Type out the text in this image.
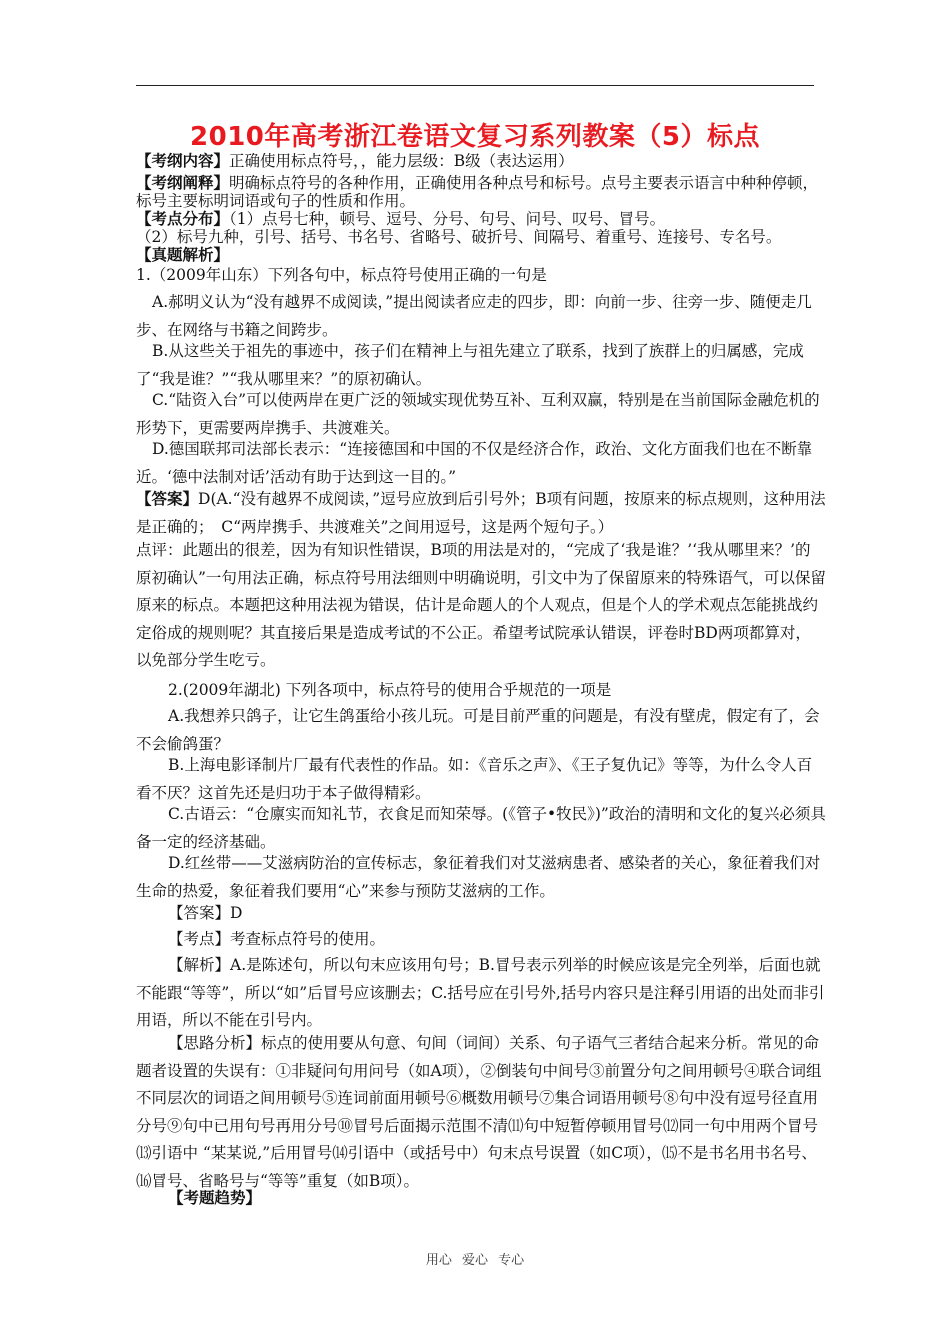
2010年高考浙江卷语文复习系列教案（5）标点

【考纲内容】正确使用标点符号，，能力层级：B级（表达运用）

【考纲阐释】明确标点符号的各种作用，正确使用各种点号和标号。点号主要表示语言中种种停顿，标号主要标明词语或句子的性质和作用。

【考点分布】（1）点号七种，顿号、逗号、分号、句号、问号、叹号、冒号。

（2）标号九种，引号、括号、书名号、省略号、破折号、间隔号、着重号、连接号、专名号。

【真题解析】

1.（2009年山东）下列各句中，标点符号使用正确的一句是

A.郝明义认为“没有越界不成阅读，”提出阅读者应走的四步，即：向前一步、往旁一步、随便走几步、在网络与书籍之间跨步。

B.从这些关于祖先的事迹中，孩子们在精神上与祖先建立了联系，找到了族群上的归属感，完成了“我是谁？”“我从哪里来？”的原初确认。

C.“陆资入台”可以使两岸在更广泛的领域实现优势互补、互利双赢，特别是在当前国际金融危机的形势下，更需要两岸携手、共渡难关。

D.德国联邦司法部长表示：“连接德国和中国的不仅是经济合作，政治、文化方面我们也在不断靠近。‘德中法制对话’活动有助于达到这一目的。”

【答案】D(A.“没有越界不成阅读，”逗号应放到后引号外；B项有问题，按原来的标点规则，这种用法是正确的；　C“两岸携手、共渡难关”之间用逗号，这是两个短句子。）

点评：此题出的很差，因为有知识性错误，B项的用法是对的，“完成了‘我是谁？’‘我从哪里来？’的原初确认”一句用法正确，标点符号用法细则中明确说明，引文中为了保留原来的特殊语气，可以保留原来的标点。本题把这种用法视为错误，估计是命题人的个人观点，但是个人的学术观点怎能挑战约定俗成的规则呢？其直接后果是造成考试的不公正。希望考试院承认错误，评卷时BD两项都算对，以免部分学生吃亏。

2.(2009年湖北) 下列各项中，标点符号的使用合乎规范的一项是

A.我想养只鸽子，让它生鸽蛋给小孩儿玩。可是目前严重的问题是，有没有壁虎，假定有了，会不会偷鸽蛋？

B.上海电影译制片厂最有代表性的作品。如：《音乐之声》、《王子复仇记》等等，为什么令人百看不厌？这首先还是归功于本子做得精彩。

C.古语云：“仓廪实而知礼节，衣食足而知荣辱。(《管子•牧民》)”政治的清明和文化的复兴必须具备一定的经济基础。

D.红丝带——艾滋病防治的宣传标志，象征着我们对艾滋病患者、感染者的关心，象征着我们对生命的热爱，象征着我们要用“心”来参与预防艾滋病的工作。

【答案】D

【考点】考查标点符号的使用。

【解析】A.是陈述句，所以句末应该用句号；B.冒号表示列举的时候应该是完全列举，后面也就不能跟“等等”，所以“如”后冒号应该删去；C.括号应在引号外,括号内容只是注释引用语的出处而非引用语，所以不能在引号内。

【思路分析】标点的使用要从句意、句间（词间）关系、句子语气三者结合起来分析。常见的命题者设置的失误有：①非疑问句用问号（如A项），②倒装句中间号③前置分句之间用顿号④联合词组不同层次的词语之间用顿号⑤连词前面用顿号⑥概数用顿号⑦集合词语用顿号⑧句中没有逗号径直用分号⑨句中已用句号再用分号⑩冒号后面揭示范围不清⑾句中短暂停顿用冒号⑿同一句中用两个冒号⒀引语中 “某某说,”后用冒号⒁引语中（或括号中）句末点号误置（如C项），⒂不是书名用书名号、⒃冒号、省略号与“等等”重复（如B项）。

【考题趋势】

用心 爱心 专心
